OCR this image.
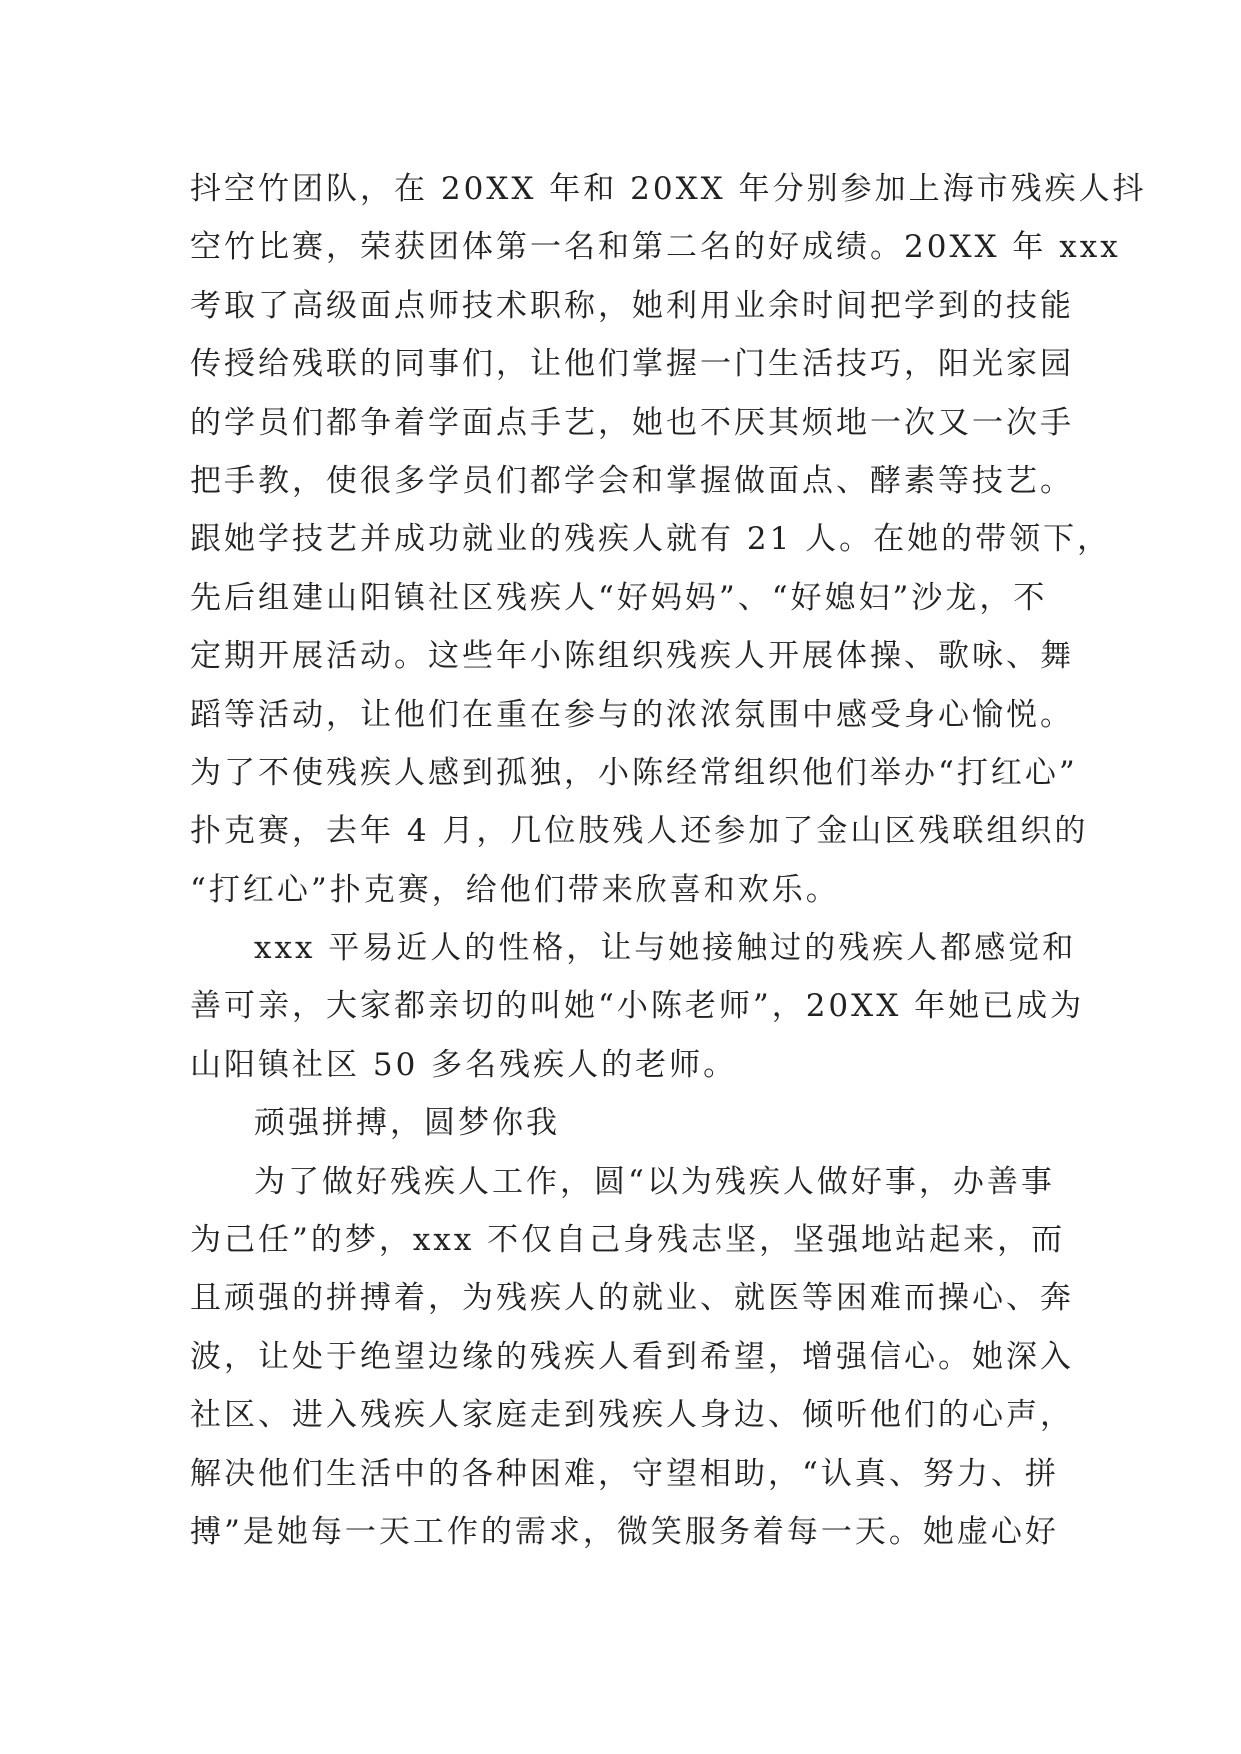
抖空竹团队，在 20XX 年和 20XX 年分别参加上海市残疾人抖
空竹比赛，荣获团体第一名和第二名的好成绩。20XX 年 xxx
考取了高级面点师技术职称，她利用业余时间把学到的技能
传授给残联的同事们，让他们掌握一门生活技巧，阳光家园
的学员们都争着学面点手艺，她也不厌其烦地一次又一次手
把手教，使很多学员们都学会和掌握做面点、酵素等技艺。
跟她学技艺并成功就业的残疾人就有 21 人。在她的带领下，
先后组建山阳镇社区残疾人“好妈妈”、“好媳妇”沙龙，不
定期开展活动。这些年小陈组织残疾人开展体操、歌咏、舞
蹈等活动，让他们在重在参与的浓浓氛围中感受身心愉悦。
为了不使残疾人感到孤独，小陈经常组织他们举办“打红心”
扑克赛，去年 4 月，几位肢残人还参加了金山区残联组织的
“打红心”扑克赛，给他们带来欣喜和欢乐。
xxx 平易近人的性格，让与她接触过的残疾人都感觉和
善可亲，大家都亲切的叫她“小陈老师”，20XX 年她已成为
山阳镇社区 50 多名残疾人的老师。
顽强拼搏，圆梦你我
为了做好残疾人工作，圆“以为残疾人做好事，办善事
为己任”的梦，xxx 不仅自己身残志坚，坚强地站起来，而
且顽强的拼搏着，为残疾人的就业、就医等困难而操心、奔
波，让处于绝望边缘的残疾人看到希望，增强信心。她深入
社区、进入残疾人家庭走到残疾人身边、倾听他们的心声，
解决他们生活中的各种困难，守望相助，“认真、努力、拼
搏”是她每一天工作的需求，微笑服务着每一天。她虚心好
